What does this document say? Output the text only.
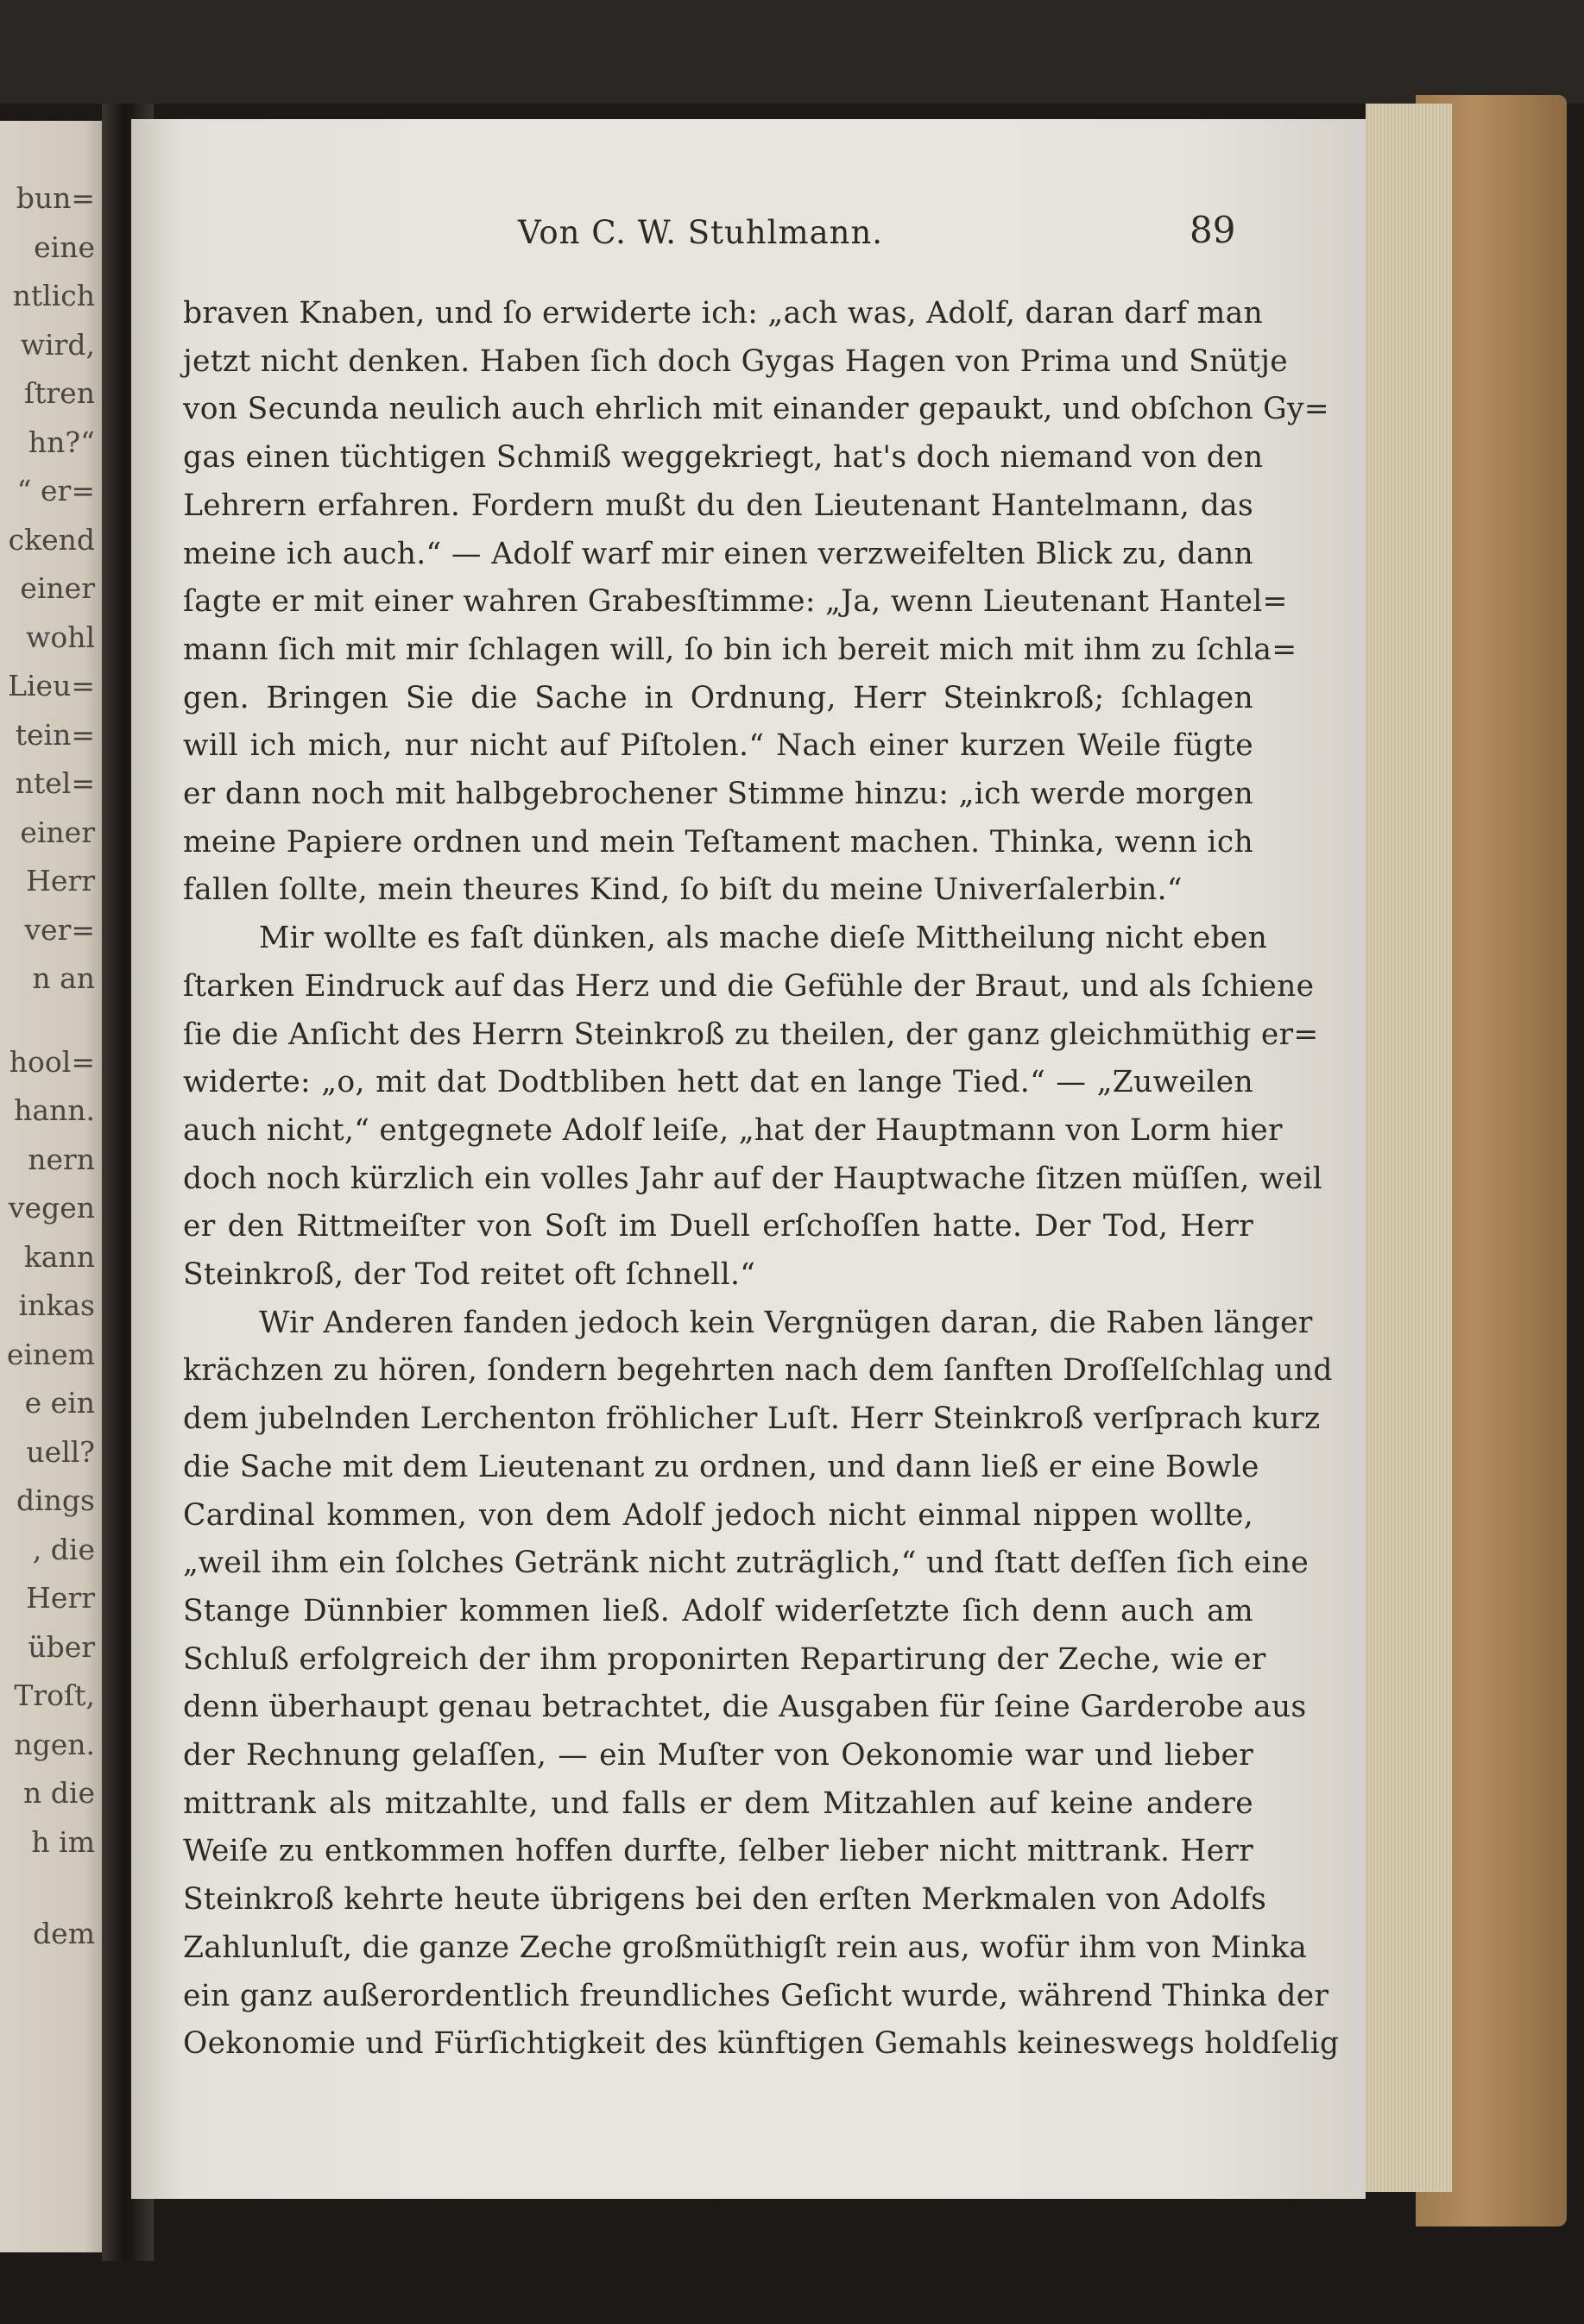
bun=
eine
ntlich
wird,
ſtren
hn?“
“ er=
ckend
einer
wohl
Lieu=
tein=
ntel=
einer
Herr
ver=
n an
hool=
hann.
nern
vegen
kann
inkas
einem
e ein
uell?
dings
, die
Herr
über
Troſt,
ngen.
n die
h im
dem
Von C. W. Stuhlmann.	89
braven Knaben, und ſo erwiderte ich: „ach was, Adolf, daran darf man
jetzt nicht denken. Haben ſich doch Gygas Hagen von Prima und Snütje
von Secunda neulich auch ehrlich mit einander gepaukt, und obſchon Gy=
gas einen tüchtigen Schmiß weggekriegt, hat's doch niemand von den
Lehrern erfahren. Fordern mußt du den Lieutenant Hantelmann, das
meine ich auch.“ — Adolf warf mir einen verzweifelten Blick zu, dann
ſagte er mit einer wahren Grabesſtimme: „Ja, wenn Lieutenant Hantel=
mann ſich mit mir ſchlagen will, ſo bin ich bereit mich mit ihm zu ſchla=
gen. Bringen Sie die Sache in Ordnung, Herr Steinkroß; ſchlagen
will ich mich, nur nicht auf Piſtolen.“ Nach einer kurzen Weile fügte
er dann noch mit halbgebrochener Stimme hinzu: „ich werde morgen
meine Papiere ordnen und mein Teſtament machen. Thinka, wenn ich
fallen ſollte, mein theures Kind, ſo biſt du meine Univerſalerbin.“
Mir wollte es faſt dünken, als mache dieſe Mittheilung nicht eben
ſtarken Eindruck auf das Herz und die Gefühle der Braut, und als ſchiene
ſie die Anſicht des Herrn Steinkroß zu theilen, der ganz gleichmüthig er=
widerte: „o, mit dat Dodtbliben hett dat en lange Tied.“ — „Zuweilen
auch nicht,“ entgegnete Adolf leiſe, „hat der Hauptmann von Lorm hier
doch noch kürzlich ein volles Jahr auf der Hauptwache ſitzen müſſen, weil
er den Rittmeiſter von Soſt im Duell erſchoſſen hatte. Der Tod, Herr
Steinkroß, der Tod reitet oft ſchnell.“
Wir Anderen fanden jedoch kein Vergnügen daran, die Raben länger
krächzen zu hören, ſondern begehrten nach dem ſanften Droſſelſchlag und
dem jubelnden Lerchenton fröhlicher Luſt. Herr Steinkroß verſprach kurz
die Sache mit dem Lieutenant zu ordnen, und dann ließ er eine Bowle
Cardinal kommen, von dem Adolf jedoch nicht einmal nippen wollte,
„weil ihm ein ſolches Getränk nicht zuträglich,“ und ſtatt deſſen ſich eine
Stange Dünnbier kommen ließ. Adolf widerſetzte ſich denn auch am
Schluß erfolgreich der ihm proponirten Repartirung der Zeche, wie er
denn überhaupt genau betrachtet, die Ausgaben für ſeine Garderobe aus
der Rechnung gelaſſen, — ein Muſter von Oekonomie war und lieber
mittrank als mitzahlte, und falls er dem Mitzahlen auf keine andere
Weiſe zu entkommen hoffen durfte, ſelber lieber nicht mittrank. Herr
Steinkroß kehrte heute übrigens bei den erſten Merkmalen von Adolfs
Zahlunluſt, die ganze Zeche großmüthigſt rein aus, wofür ihm von Minka
ein ganz außerordentlich freundliches Geſicht wurde, während Thinka der
Oekonomie und Fürſichtigkeit des künftigen Gemahls keineswegs holdſelig
